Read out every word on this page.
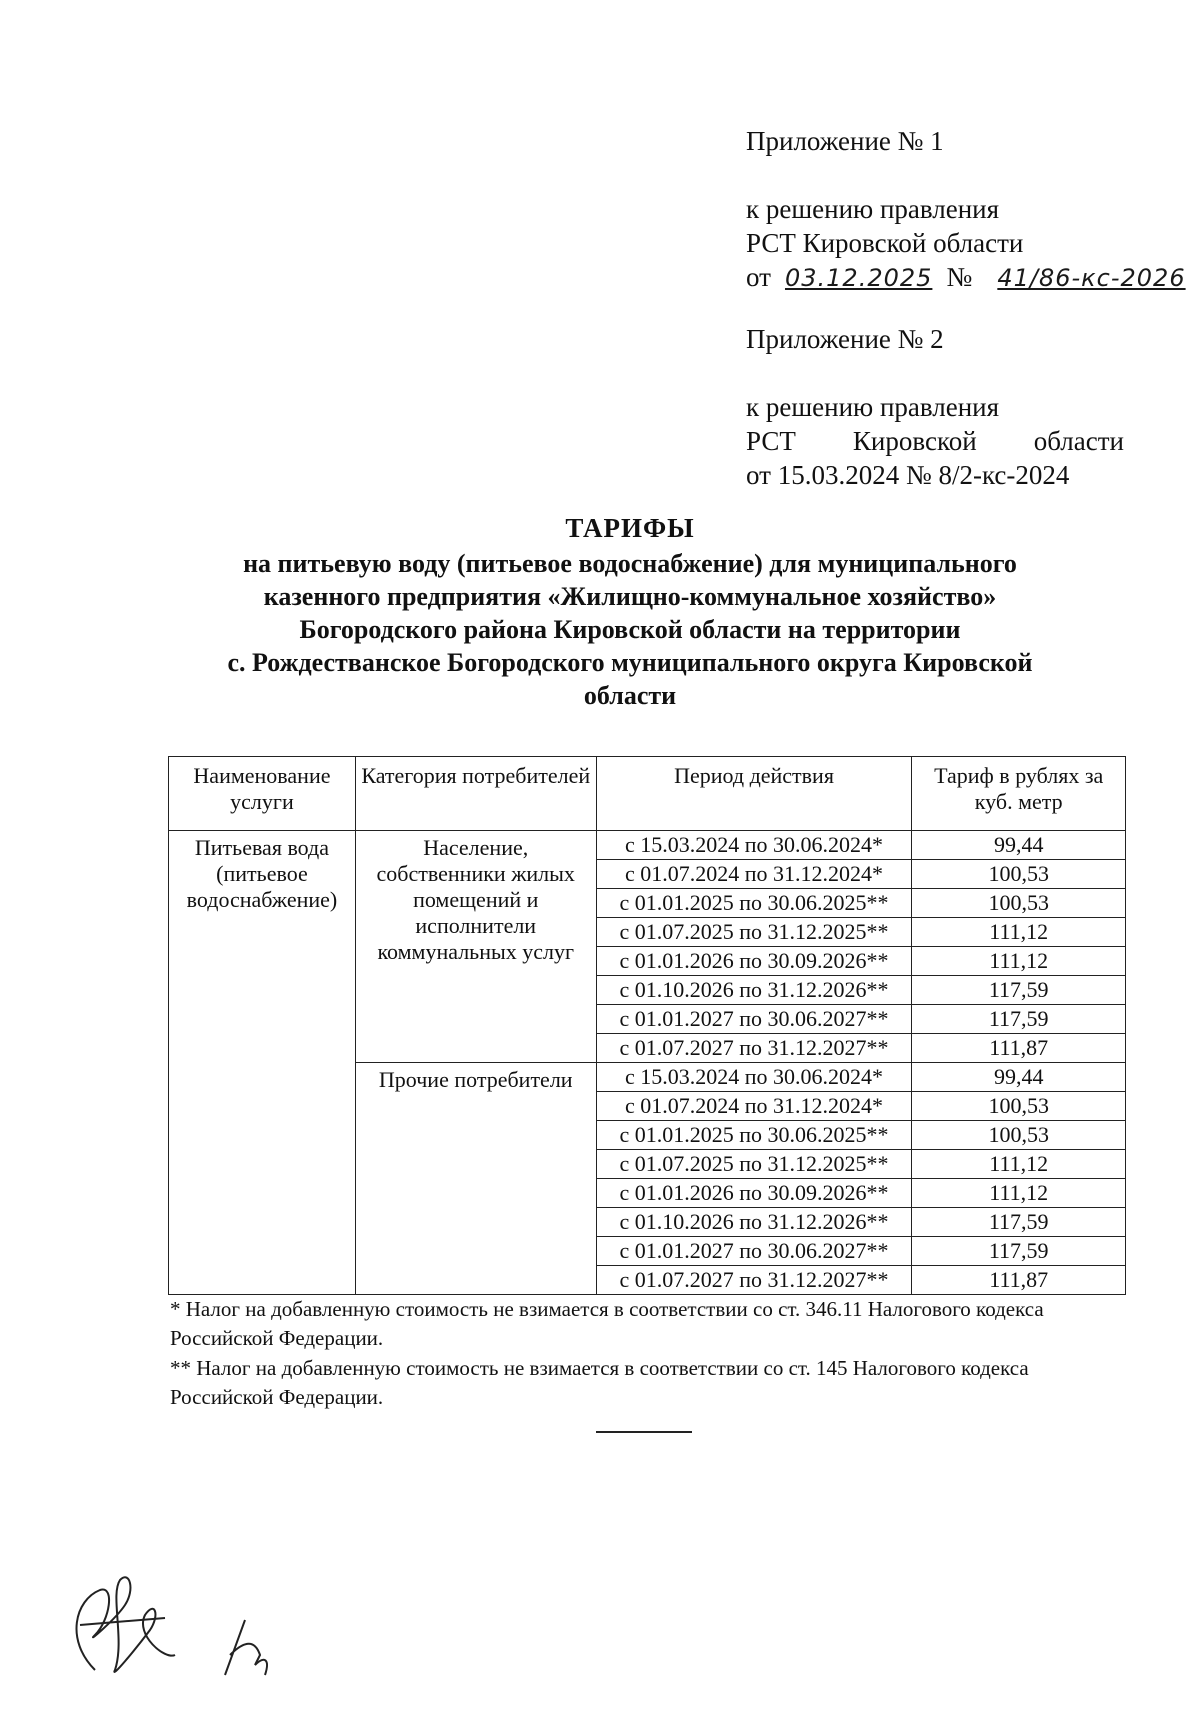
Приложение № 1
к решению правления
РСТ Кировской области
от 03.12.2025 № 41/86-кс-2026
Приложение № 2
к решению правления
РСТ Кировской области
от 15.03.2024 № 8/2-кс-2024
ТАРИФЫ
на питьевую воду (питьевое водоснабжение) для муниципального
казенного предприятия «Жилищно-коммунальное хозяйство»
Богородского района Кировской области на территории
с. Рождестванское Богородского муниципального округа Кировской
области
Наименование услуги	Категория потребителей	Период действия	Тариф в рублях за куб. метр
Питьевая вода (питьевое водоснабжение)	Население, собственники жилых помещений и исполнители коммунальных услуг	с 15.03.2024 по 30.06.2024*	99,44
		с 01.07.2024 по 31.12.2024*	100,53
		с 01.01.2025 по 30.06.2025**	100,53
		с 01.07.2025 по 31.12.2025**	111,12
		с 01.01.2026 по 30.09.2026**	111,12
		с 01.10.2026 по 31.12.2026**	117,59
		с 01.01.2027 по 30.06.2027**	117,59
		с 01.07.2027 по 31.12.2027**	111,87
	Прочие потребители	с 15.03.2024 по 30.06.2024*	99,44
		с 01.07.2024 по 31.12.2024*	100,53
		с 01.01.2025 по 30.06.2025**	100,53
		с 01.07.2025 по 31.12.2025**	111,12
		с 01.01.2026 по 30.09.2026**	111,12
		с 01.10.2026 по 31.12.2026**	117,59
		с 01.01.2027 по 30.06.2027**	117,59
		с 01.07.2027 по 31.12.2027**	111,87

* Налог на добавленную стоимость не взимается в соответствии со ст. 346.11 Налогового кодекса Российской Федерации.

** Налог на добавленную стоимость не взимается в соответствии со ст. 145 Налогового кодекса Российской Федерации.
